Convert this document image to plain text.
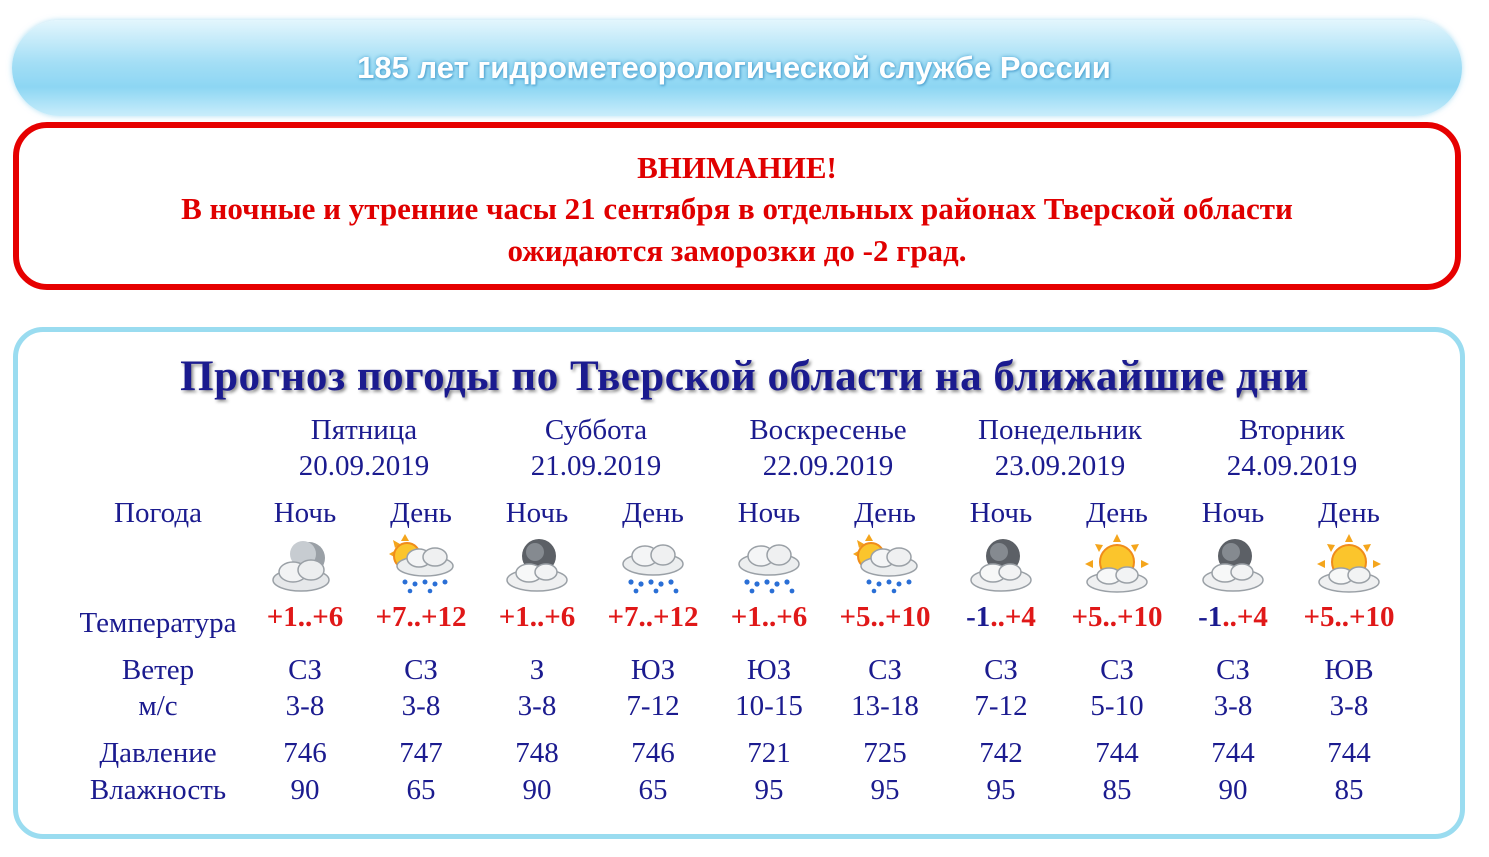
185 лет гидрометеорологической службе России
ВНИМАНИЕ!
В ночные и утренние часы 21 сентября в отдельных районах Тверской области
ожидаются заморозки до -2 град.
Прогноз погоды по Тверской области на ближайшие дни
Погода
Температура
Ветер
м/с
Давление
Влажность
Пятница
20.09.2019
Суббота
21.09.2019
Воскресенье
22.09.2019
Понедельник
23.09.2019
Вторник
24.09.2019
Ночь
+1..+6
СЗ
3-8
746
90
День
+7..+12
СЗ
3-8
747
65
Ночь
+1..+6
З
3-8
748
90
День
+7..+12
ЮЗ
7-12
746
65
Ночь
+1..+6
ЮЗ
10-15
721
95
День
+5..+10
СЗ
13-18
725
95
Ночь
-1..+4
СЗ
7-12
742
95
День
+5..+10
СЗ
5-10
744
85
Ночь
-1..+4
СЗ
3-8
744
90
День
+5..+10
ЮВ
3-8
744
85
